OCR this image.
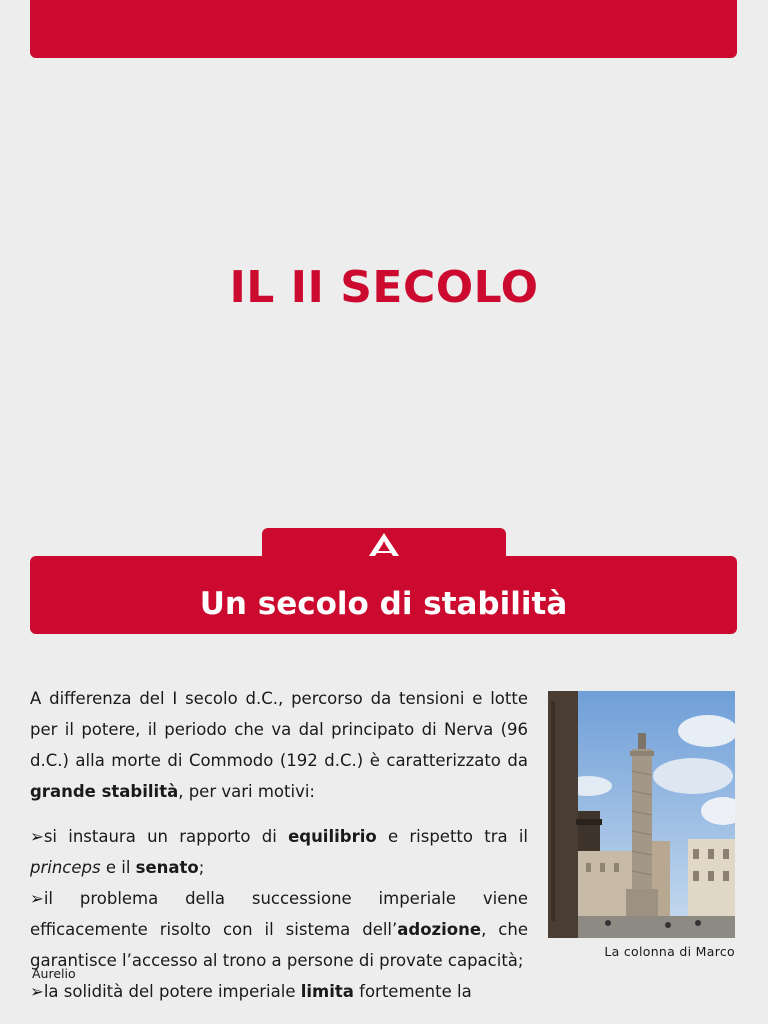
IL II SECOLO
Un secolo di stabilità

A differenza del I secolo d.C., percorso da tensioni e lotte per il potere, il periodo che va dal principato di Nerva (96 d.C.) alla morte di Commodo (192 d.C.) è caratterizzato da grande stabilità, per vari motivi:

➢si instaura un rapporto di equilibrio e rispetto tra il princeps e il senato;

➢il problema della successione imperiale viene efficacemente risolto con il sistema dell’adozione, che garantisce l’accesso al trono a persone di provate capacità;

➢la solidità del potere imperiale limita fortemente la

La colonna di Marco
Aurelio
